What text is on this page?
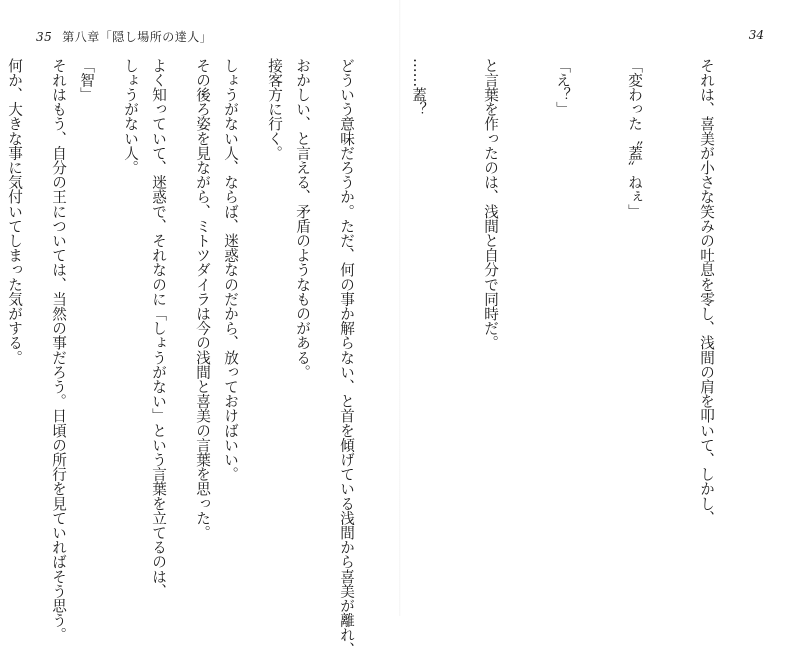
35 第八章「隠し場所の達人」

おかしい、と言える、矛盾のようなものがある。

しょうがない人、ならば、迷惑なのだから、放っておけばいい。

よく知っていて、迷惑で、それなのに「しょうがない」という言葉を立てるのは、

「智」

何か、大きな事に気付いてしまった気がする。

34

それは、喜美が小さな笑みの吐息を零し、浅間の肩を叩いて、しかし、

「変わった〝蓋〟ねぇ」

「え？」

と言葉を作ったのは、浅間と自分で同時だ。

……蓋？

どういう意味だろうか。ただ、何の事か解らない、と首を傾げている浅間から喜美が離れ、

接客方に行く。

その後ろ姿を見ながら、ミトツダイラは今の浅間と喜美の言葉を思った。

しょうがない人。

それはもう、自分の王については、当然の事だろう。日頃の所行を見ていればそう思う。
